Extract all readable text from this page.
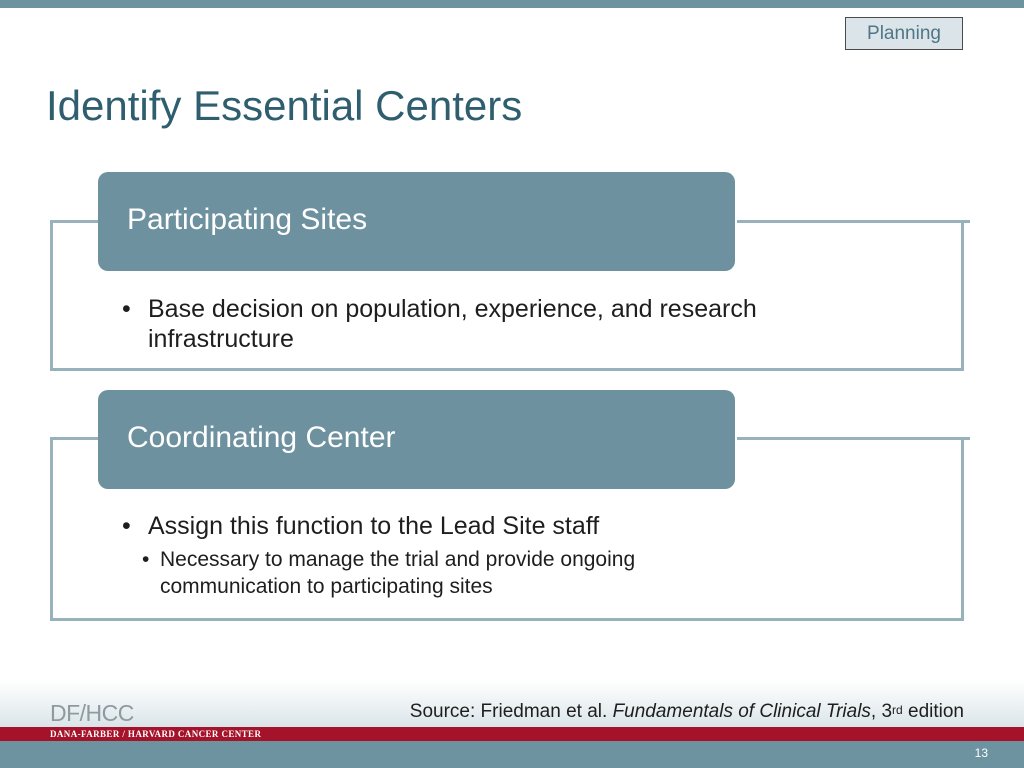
Planning
Identify Essential Centers
Participating Sites
• Base decision on population, experience, and research
infrastructure
Coordinating Center
• Assign this function to the Lead Site staff
• Necessary to manage the trial and provide ongoing
communication to participating sites
Source: Friedman et al. Fundamentals of Clinical Trials, 3rd edition
DF/HCC
DANA-FARBER / HARVARD CANCER CENTER
13
